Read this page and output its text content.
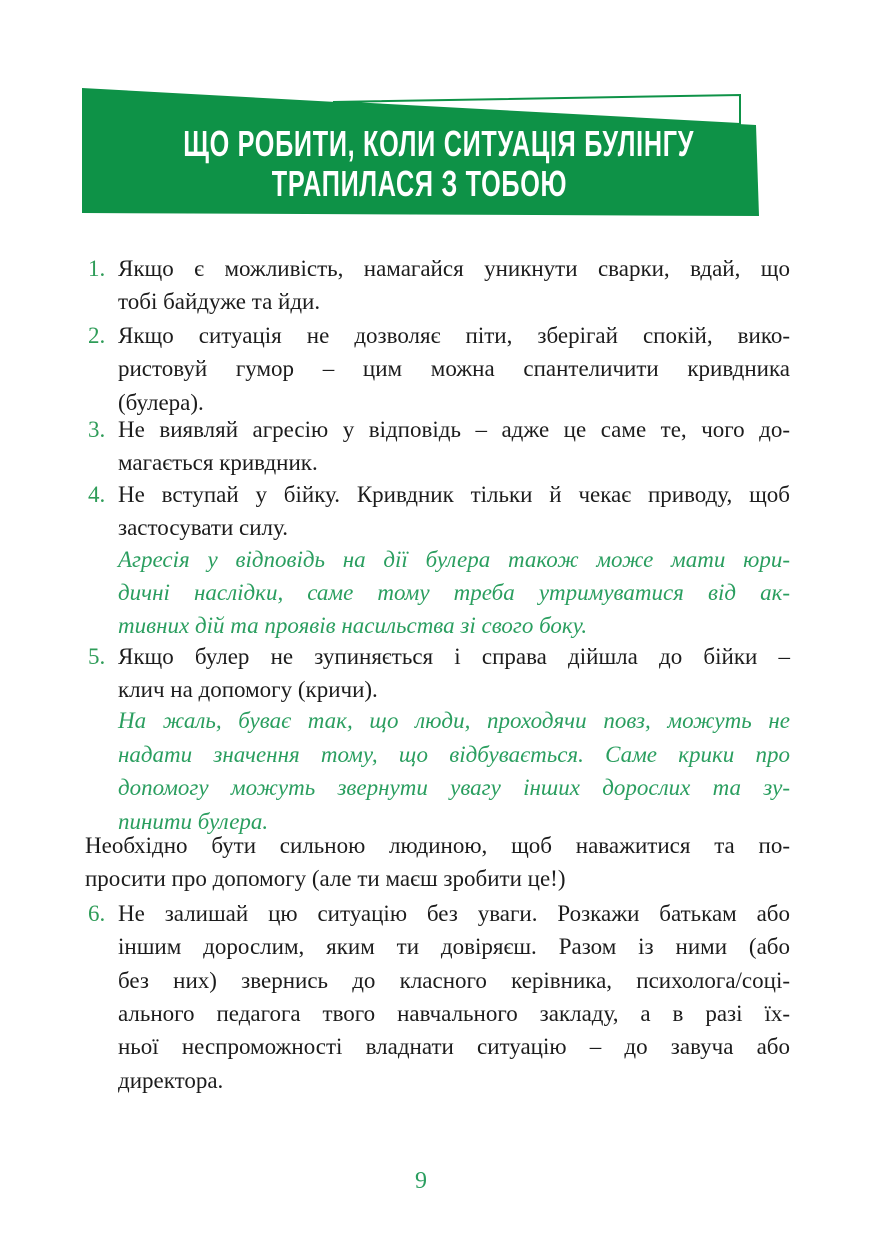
ЩО РОБИТИ, КОЛИ СИТУАЦІЯ БУЛІНГУ
ТРАПИЛАСЯ З ТОБОЮ
1. Якщо є можливість, намагайся уникнути сварки, вдай, що
тобі байдуже та йди.
2. Якщо ситуація не дозволяє піти, зберігай спокій, вико-
ристовуй гумор – цим можна спантеличити кривдника
(булера).
3. Не виявляй агресію у відповідь – адже це саме те, чого до-
магається кривдник.
4. Не вступай у бійку. Кривдник тільки й чекає приводу, щоб
застосувати силу.
Агресія у відповідь на дії булера також може мати юри-
дичні наслідки, саме тому треба утримуватися від ак-
тивних дій та проявів насильства зі свого боку.
5. Якщо булер не зупиняється і справа дійшла до бійки –
клич на допомогу (кричи).
На жаль, буває так, що люди, проходячи повз, можуть не
надати значення тому, що відбувається. Саме крики про
допомогу можуть звернути увагу інших дорослих та зу-
пинити булера.
Необхідно бути сильною людиною, щоб наважитися та по-
просити про допомогу (але ти маєш зробити це!)
6. Не залишай цю ситуацію без уваги. Розкажи батькам або
іншим дорослим, яким ти довіряєш. Разом із ними (або
без них) звернись до класного керівника, психолога/соці-
ального педагога твого навчального закладу, а в разі їх-
ньої неспроможності владнати ситуацію – до завуча або
директора.
9
